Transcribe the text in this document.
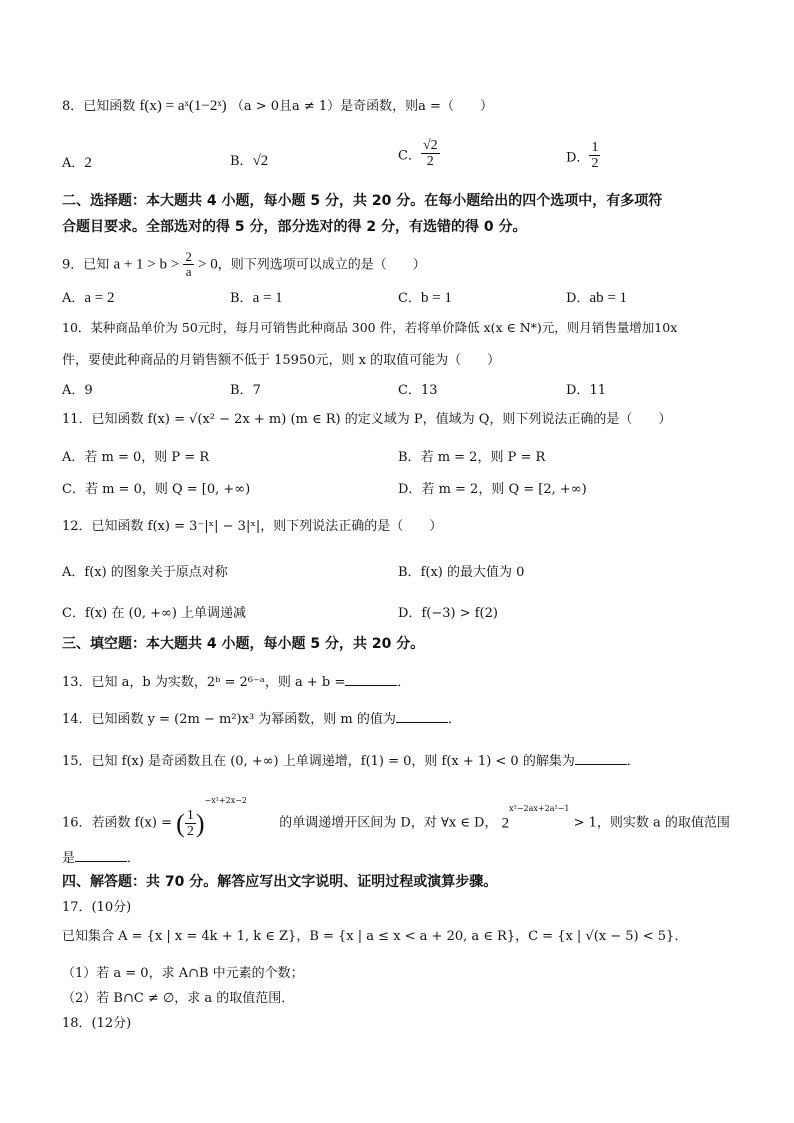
8．已知函数 f(x) = aˣ(1−2ˣ) （a > 0且a ≠ 1）是奇函数，则a =（　　）
A．2	B．√2	C． $\frac{√2}{2}$	D． $\frac{1}{2}$
二、选择题：本大题共 4 小题，每小题 5 分，共 20 分。在每小题给出的四个选项中，有多项符
合题目要求。全部选对的得 5 分，部分选对的得 2 分，有选错的得 0 分。
9．已知 $a + 1 > b > \frac{2}{a} > 0$，则下列选项可以成立的是（　　）
A．a = 2	B．a = 1	C．b = 1	D．ab = 1
10．某种商品单价为 50元时，每月可销售此种商品 300 件，若将单价降低 x(x ∈ N*)元，则月销售量增加10x
件，要使此种商品的月销售额不低于 15950元，则 x 的取值可能为（　　）
A．9	B．7	C．13	D．11
11．已知函数 f(x) = √(x² − 2x + m) (m ∈ R) 的定义域为 P，值域为 Q，则下列说法正确的是（　　）
A．若 m = 0，则 P = R	B．若 m = 2，则 P = R
C．若 m = 0，则 Q = [0, +∞)	D．若 m = 2，则 Q = [2, +∞)
12．已知函数 f(x) = 3⁻|ˣ| − 3|ˣ|，则下列说法正确的是（　　）
A．f(x) 的图象关于原点对称	B．f(x) 的最大值为 0
C．f(x) 在 (0, +∞) 上单调递减	D．f(−3) > f(2)
三、填空题：本大题共 4 小题，每小题 5 分，共 20 分。
13．已知 a，b 为实数，2ᵇ = 2⁶⁻ᵃ，则 a + b =	．
14．已知函数 y = (2m − m²)x³ 为幂函数，则 m 的值为	．
15．已知 f(x) 是奇函数且在 (0, +∞) 上单调递增，f(1) = 0，则 f(x + 1) < 0 的解集为	．
16．若函数 f(x) = ( $\frac{1}{2} )^{-x^2+2x-2}$  的单调递增开区间为 D，对 ∀x ∈ D， $2^{x^2-2ax+2a^2-1} > 1$，则实数 a 的取值范围
是	．
四、解答题：共 70 分。解答应写出文字说明、证明过程或演算步骤。
17．(10分)
已知集合 A = {x | x = 4k + 1, k ∈ Z}，B = {x | a ≤ x < a + 20, a ∈ R}，C = {x | √(x − 5) < 5}．
（1）若 a = 0，求 A∩B 中元素的个数；
（2）若 B∩C ≠ ∅，求 a 的取值范围．
18．(12分)
